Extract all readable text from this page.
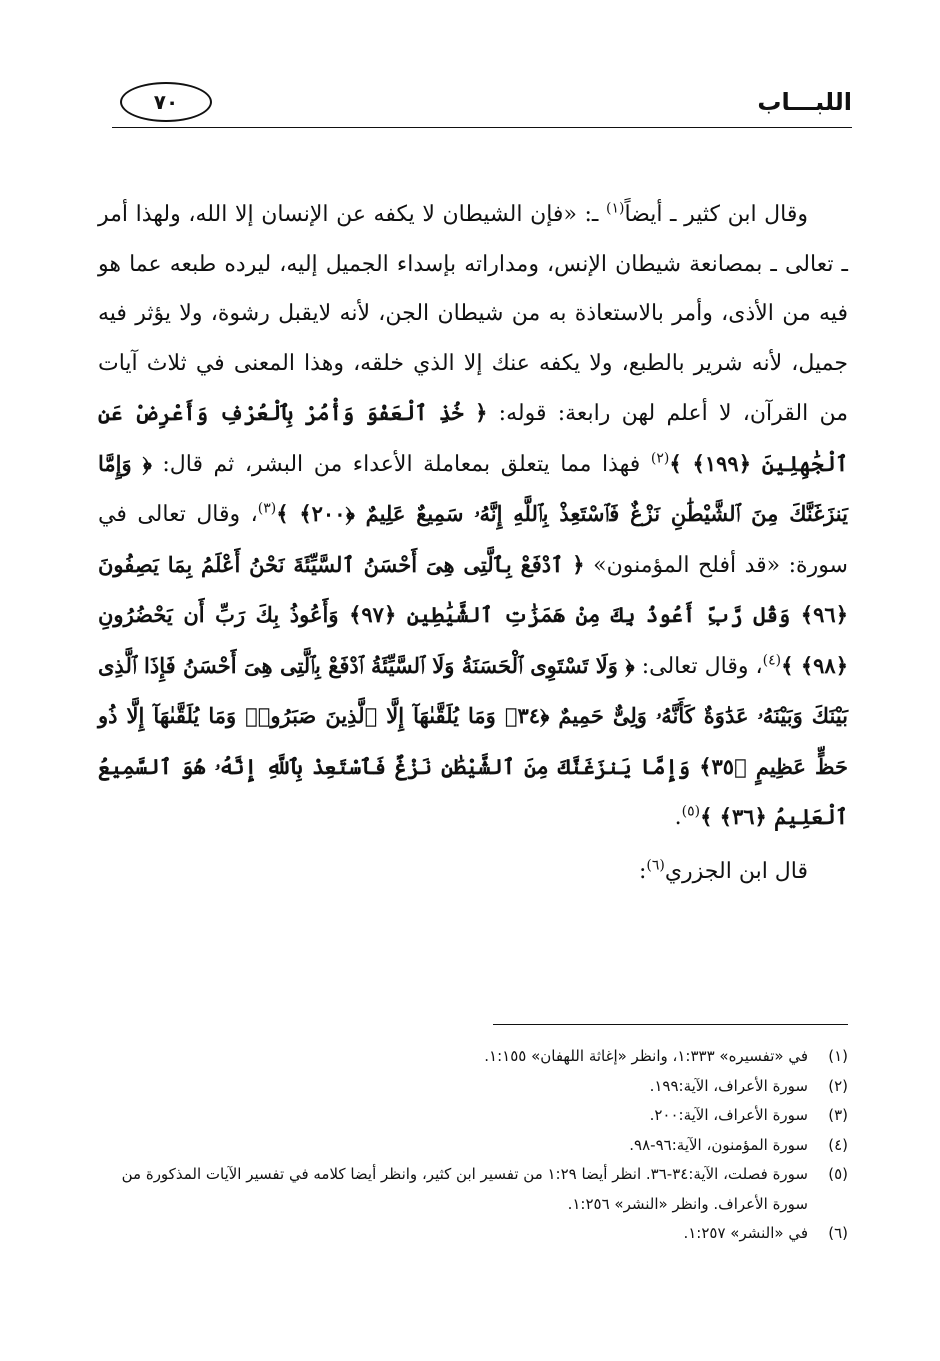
اللبـــاب
٧٠

وقال ابن كثير ـ أيضاً$^{(١)}$ ـ: «فإن الشيطان لا يكفه عن الإنسان إلا الله، ولهذا أمر ـ تعالى ـ بمصانعة شيطان الإنس، ومداراته بإسداء الجميل إليه، ليرده طبعه عما هو فيه من الأذى، وأمر بالاستعاذة به من شيطان الجن، لأنه لايقبل رشوة، ولا يؤثر فيه جميل، لأنه شرير بالطبع، ولا يكفه عنك إلا الذي خلقه، وهذا المعنى في ثلاث آيات من القرآن، لا أعلم لهن رابعة: قوله: ﴿ خُذِ ٱلْعَفْوَ وَأْمُرْ بِٱلْعُرْفِ وَأَعْرِضْ عَنِ ٱلْجَٰهِلِينَ ﴿١٩٩﴾ ﴾$^{(٢)}$ فهذا مما يتعلق بمعاملة الأعداء من البشر، ثم قال: ﴿ وَإِمَّا يَنزَغَنَّكَ مِنَ ٱلشَّيْطَٰنِ نَزْغٌ فَٱسْتَعِذْ بِٱللَّهِ إِنَّهُۥ سَمِيعٌ عَلِيمٌ ﴿٢٠٠﴾ ﴾$^{(٣)}$، وقال تعالى في سورة: «قد أفلح المؤمنون» ﴿ ٱدْفَعْ بِٱلَّتِى هِىَ أَحْسَنُ ٱلسَّيِّئَةَ نَحْنُ أَعْلَمُ بِمَا يَصِفُونَ ﴿٩٦﴾ وَقُل رَّبِّ أَعُوذُ بِكَ مِنْ هَمَزَٰتِ ٱلشَّيَٰطِينِ ﴿٩٧﴾ وَأَعُوذُ بِكَ رَبِّ أَن يَحْضُرُونِ ﴿٩٨﴾ ﴾$^{(٤)}$، وقال تعالى: ﴿ وَلَا تَسْتَوِى ٱلْحَسَنَةُ وَلَا ٱلسَّيِّئَةُ ٱدْفَعْ بِٱلَّتِى هِىَ أَحْسَنُ فَإِذَا ٱلَّذِى بَيْنَكَ وَبَيْنَهُۥ عَدَٰوَةٌ كَأَنَّهُۥ وَلِىٌّ حَمِيمٌ ﴿٣٤﴾ وَمَا يُلَقَّىٰهَآ إِلَّا ٱلَّذِينَ صَبَرُوا۟ وَمَا يُلَقَّىٰهَآ إِلَّا ذُو حَظٍّ عَظِيمٍ ﴿٣٥﴾ وَإِمَّا يَنزَغَنَّكَ مِنَ ٱلشَّيْطَٰنِ نَزْغٌ فَٱسْتَعِذْ بِٱللَّهِ إِنَّهُۥ هُوَ ٱلسَّمِيعُ ٱلْعَلِيمُ ﴿٣٦﴾ ﴾$^{(٥)}$.

قال ابن الجزري$^{(٦)}$:

(١)
في «تفسيره» ١:٣٣٣، وانظر «إغاثة اللهفان» ١:١٥٥.
(٢)
سورة الأعراف، الآية:١٩٩.
(٣)
سورة الأعراف، الآية:٢٠٠.
(٤)
سورة المؤمنون، الآية:٩٦-٩٨.
(٥)
سورة فصلت، الآية:٣٤-٣٦. انظر أيضا ١:٢٩ من تفسير ابن كثير، وانظر أيضا كلامه في تفسير الآيات المذكورة من سورة الأعراف. وانظر «النشر» ١:٢٥٦.
(٦)
في «النشر» ١:٢٥٧.
